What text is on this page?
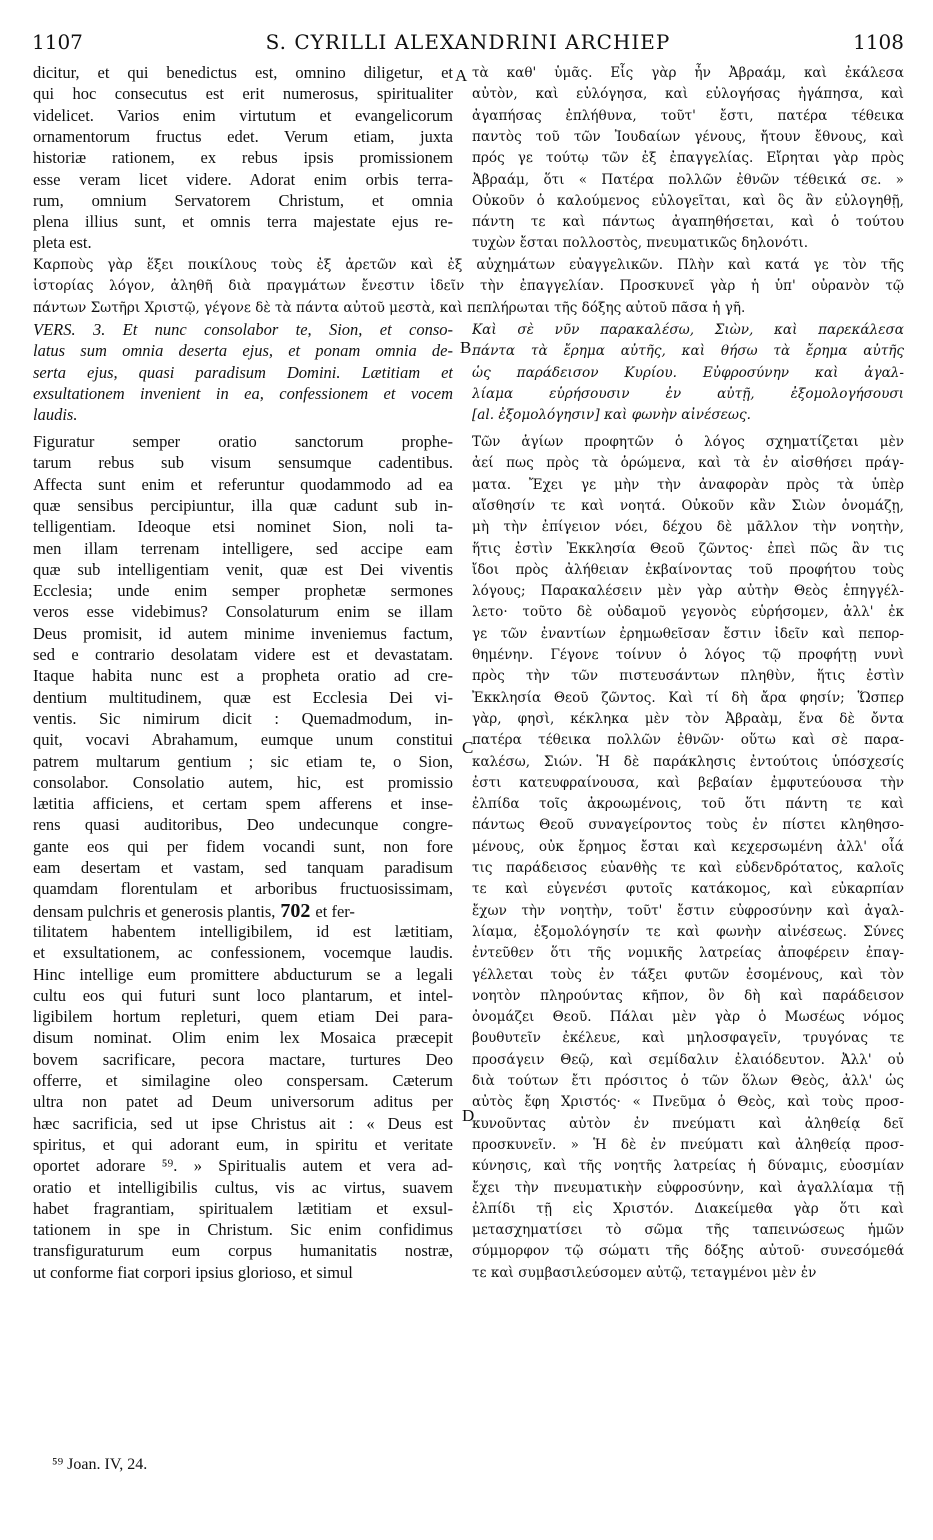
1107	S. CYRILLI ALEXANDRINI ARCHIEP	1108
dicitur, et qui benedictus est, omnino diligetur, et
qui hoc consecutus est erit numerosus, spiritualiter
videlicet. Varios enim virtutum et evangelicorum
ornamentorum fructus edet. Verum etiam, juxta
historiæ rationem, ex rebus ipsis promissionem
esse veram licet videre. Adorat enim orbis terra-
rum, omnium Servatorem Christum, et omnia
plena illius sunt, et omnis terra majestate ejus re-
pleta est.
τὰ καθ' ὑμᾶς. Εἷς γὰρ ἦν Ἀβραάμ, καὶ ἐκάλεσα
αὐτὸν, καὶ εὐλόγησα, καὶ εὐλογήσας ἠγάπησα, καὶ
ἀγαπήσας ἐπλήθυνα, τοῦτ' ἔστι, πατέρα τέθεικα
παντὸς τοῦ τῶν Ἰουδαίων γένους, ἤτουν ἔθνους, καὶ
πρός γε τούτῳ τῶν ἐξ ἐπαγγελίας. Εἴρηται γὰρ πρὸς
Ἀβραάμ, ὅτι « Πατέρα πολλῶν ἐθνῶν τέθεικά σε. »
Οὐκοῦν ὁ καλούμενος εὐλογεῖται, καὶ ὃς ἂν εὐλογηθῇ,
πάντη τε καὶ πάντως ἀγαπηθήσεται, καὶ ὁ τούτου
τυχὼν ἔσται πολλοστὸς, πνευματικῶς δηλονότι.
Καρποὺς γὰρ ἕξει ποικίλους τοὺς ἐξ ἀρετῶν καὶ ἐξ αὐχημάτων εὐαγγελικῶν. Πλὴν καὶ κατά γε τὸν τῆς
ἱστορίας λόγον, ἀληθῆ διὰ πραγμάτων ἔνεστιν ἰδεῖν τὴν ἐπαγγελίαν. Προσκυνεῖ γὰρ ἡ ὑπ' οὐρανὸν τῷ
πάντων Σωτῆρι Χριστῷ, γέγονε δὲ τὰ πάντα αὐτοῦ μεστὰ, καὶ πεπλήρωται τῆς δόξης αὐτοῦ πᾶσα ἡ γῆ.
VERS. 3. Et nunc consolabor te, Sion, et conso-
latus sum omnia deserta ejus, et ponam omnia de-
serta ejus, quasi paradisum Domini. Lætitiam et
exsultationem invenient in ea, confessionem et vocem
laudis.
Καὶ σὲ νῦν παρακαλέσω, Σιὼν, καὶ παρεκάλεσα
πάντα τὰ ἔρημα αὐτῆς, καὶ θήσω τὰ ἔρημα αὐτῆς
ὡς παράδεισον Κυρίου. Εὐφροσύνην καὶ ἀγαλ-
λίαμα εὑρήσουσιν ἐν αὐτῇ, ἐξομολογήσουσι
[al. ἐξομολόγησιν] καὶ φωνὴν αἰνέσεως.
Figuratur semper oratio sanctorum prophe-
tarum rebus sub visum sensumque cadentibus.
Affecta sunt enim et referuntur quodammodo ad ea
quæ sensibus percipiuntur, illa quæ cadunt sub in-
telligentiam. Ideoque etsi nominet Sion, noli ta-
men illam terrenam intelligere, sed accipe eam
quæ sub intelligentiam venit, quæ est Dei viventis
Ecclesia; unde enim semper prophetæ sermones
veros esse videbimus? Consolaturum enim se illam
Deus promisit, id autem minime inveniemus factum,
sed e contrario desolatam videre est et devastatam.
Itaque habita nunc est a propheta oratio ad cre-
dentium multitudinem, quæ est Ecclesia Dei vi-
ventis. Sic nimirum dicit : Quemadmodum, in-
quit, vocavi Abrahamum, eumque unum constitui
patrem multarum gentium ; sic etiam te, o Sion,
consolabor. Consolatio autem, hic, est promissio
lætitia afficiens, et certam spem afferens et inse-
rens quasi auditoribus, Deo undecunque congre-
gante eos qui per fidem vocandi sunt, non fore
eam desertam et vastam, sed tanquam paradisum
quamdam florentulam et arboribus fructuosissimam,
densam pulchris et generosis plantis, 702 et fer-
tilitatem habentem intelligibilem, id est lætitiam,
et exsultationem, ac confessionem, vocemque laudis.
Hinc intellige eum promittere abducturum se a legali
cultu eos qui futuri sunt loco plantarum, et intel-
ligibilem hortum repleturi, quem etiam Dei para-
disum nominat. Olim enim lex Mosaica præcepit
bovem sacrificare, pecora mactare, turtures Deo
offerre, et similagine oleo conspersam. Cæterum
ultra non patet ad Deum universorum aditus per
hæc sacrificia, sed ut ipse Christus ait : « Deus est
spiritus, et qui adorant eum, in spiritu et veritate
oportet adorare ⁵⁹. » Spiritualis autem et vera ad-
oratio et intelligibilis cultus, vis ac virtus, suavem
habet fragrantiam, spiritualem lætitiam et exsul-
tationem in spe in Christum. Sic enim confidimus
transfiguraturum eum corpus humanitatis nostræ,
ut conforme fiat corpori ipsius glorioso, et simul
Τῶν ἁγίων προφητῶν ὁ λόγος σχηματίζεται μὲν
ἀεί πως πρὸς τὰ ὁρώμενα, καὶ τὰ ἐν αἰσθήσει πράγ-
ματα. Ἔχει γε μὴν τὴν ἀναφορὰν πρὸς τὰ ὑπὲρ
αἴσθησίν τε καὶ νοητά. Οὐκοῦν κἂν Σιὼν ὀνομάζῃ,
μὴ τὴν ἐπίγειον νόει, δέχου δὲ μᾶλλον τὴν νοητὴν,
ἥτις ἐστὶν Ἐκκλησία Θεοῦ ζῶντος· ἐπεὶ πῶς ἂν τις
ἴδοι πρὸς ἀλήθειαν ἐκβαίνοντας τοῦ προφήτου τοὺς
λόγους; Παρακαλέσειν μὲν γὰρ αὐτὴν Θεὸς ἐπηγγέλ-
λετο· τοῦτο δὲ οὐδαμοῦ γεγονὸς εὑρήσομεν, ἀλλ' ἐκ
γε τῶν ἐναντίων ἐρημωθεῖσαν ἔστιν ἰδεῖν καὶ πεπορ-
θημένην. Γέγονε τοίνυν ὁ λόγος τῷ προφήτῃ νυνὶ
πρὸς τὴν τῶν πιστευσάντων πληθὺν, ἥτις ἐστὶν
Ἐκκλησία Θεοῦ ζῶντος. Καὶ τί δὴ ἄρα φησίν; Ὥσπερ
γὰρ, φησὶ, κέκληκα μὲν τὸν Ἀβραὰμ, ἕνα δὲ ὄντα
πατέρα τέθεικα πολλῶν ἐθνῶν· οὕτω καὶ σὲ παρα-
καλέσω, Σιών. Ἡ δὲ παράκλησις ἐντούτοις ὑπόσχεσίς
ἐστι κατευφραίνουσα, καὶ βεβαίαν ἐμφυτεύουσα τὴν
ἐλπίδα τοῖς ἀκροωμένοις, τοῦ ὅτι πάντη τε καὶ
πάντως Θεοῦ συναγείροντος τοὺς ἐν πίστει κληθησο-
μένους, οὐκ ἔρημος ἔσται καὶ κεχερσωμένη ἀλλ' οἷά
τις παράδεισος εὐανθὴς τε καὶ εὐδενδρότατος, καλοῖς
τε καὶ εὐγενέσι φυτοῖς κατάκομος, καὶ εὐκαρπίαν
ἔχων τὴν νοητὴν, τοῦτ' ἔστιν εὐφροσύνην καὶ ἀγαλ-
λίαμα, ἐξομολόγησίν τε καὶ φωνὴν αἰνέσεως. Σύνες
ἐντεῦθεν ὅτι τῆς νομικῆς λατρείας ἀποφέρειν ἐπαγ-
γέλλεται τοὺς ἐν τάξει φυτῶν ἐσομένους, καὶ τὸν
νοητὸν πληρούντας κῆπον, ὃν δὴ καὶ παράδεισον
ὀνομάζει Θεοῦ. Πάλαι μὲν γὰρ ὁ Μωσέως νόμος
βουθυτεῖν ἐκέλευε, καὶ μηλοσφαγεῖν, τρυγόνας τε
προσάγειν Θεῷ, καὶ σεμίδαλιν ἐλαιόδευτον. Ἀλλ' οὐ
διὰ τούτων ἔτι πρόσιτος ὁ τῶν ὅλων Θεὸς, ἀλλ' ὡς
αὐτὸς ἔφη Χριστός· « Πνεῦμα ὁ Θεὸς, καὶ τοὺς προσ-
κυνοῦντας αὐτὸν ἐν πνεύματι καὶ ἀληθείᾳ δεῖ
προσκυνεῖν. » Ἡ δὲ ἐν πνεύματι καὶ ἀληθείᾳ προσ-
κύνησις, καὶ τῆς νοητῆς λατρείας ἡ δύναμις, εὐοσμίαν
ἔχει τὴν πνευματικὴν εὐφροσύνην, καὶ ἀγαλλίαμα τῇ
ἐλπίδι τῇ εἰς Χριστόν. Διακείμεθα γὰρ ὅτι καὶ
μετασχηματίσει τὸ σῶμα τῆς ταπεινώσεως ἡμῶν
σύμμορφον τῷ σώματι τῆς δόξης αὐτοῦ· συνεσόμεθά
τε καὶ συμβασιλεύσομεν αὐτῷ, τεταγμένοι μὲν ἐν
A
B
C
D
⁵⁹ Joan. IV, 24.
